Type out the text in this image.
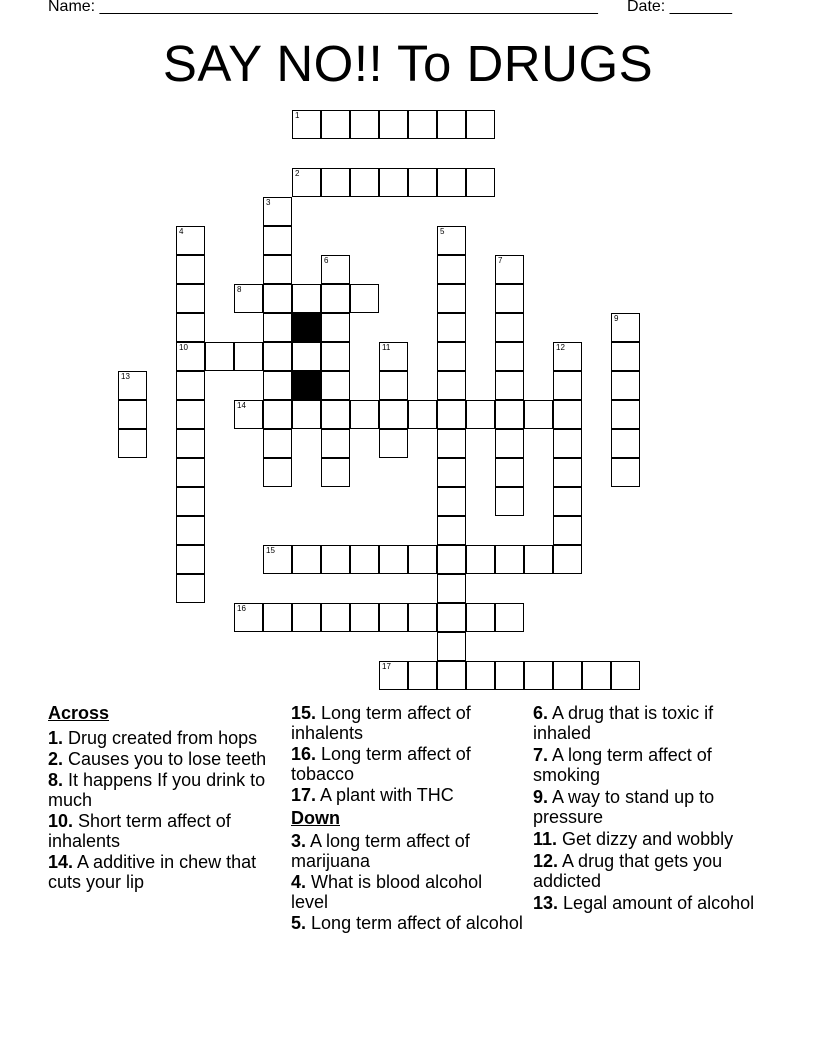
Name: ________________________________________________________ Date: _______
SAY NO!! To DRUGS
1
2
3
4
10
5
6	7
8
9
11	12
13
14
16
17
15
Across
1. Drug created from hops
2. Causes you to lose teeth
8. It happens If you drink to much
10. Short term affect of inhalents
14. A additive in chew that cuts your lip
15. Long term affect of inhalents
16. Long term affect of tobacco
17. A plant with THC
Down
3. A long term affect of marijuana
4. What is blood alcohol level
5. Long term affect of alcohol
6. A drug that is toxic if inhaled
7. A long term affect of smoking
9. A way to stand up to pressure
11. Get dizzy and wobbly
12. A drug that gets you addicted
13. Legal amount of alcohol
